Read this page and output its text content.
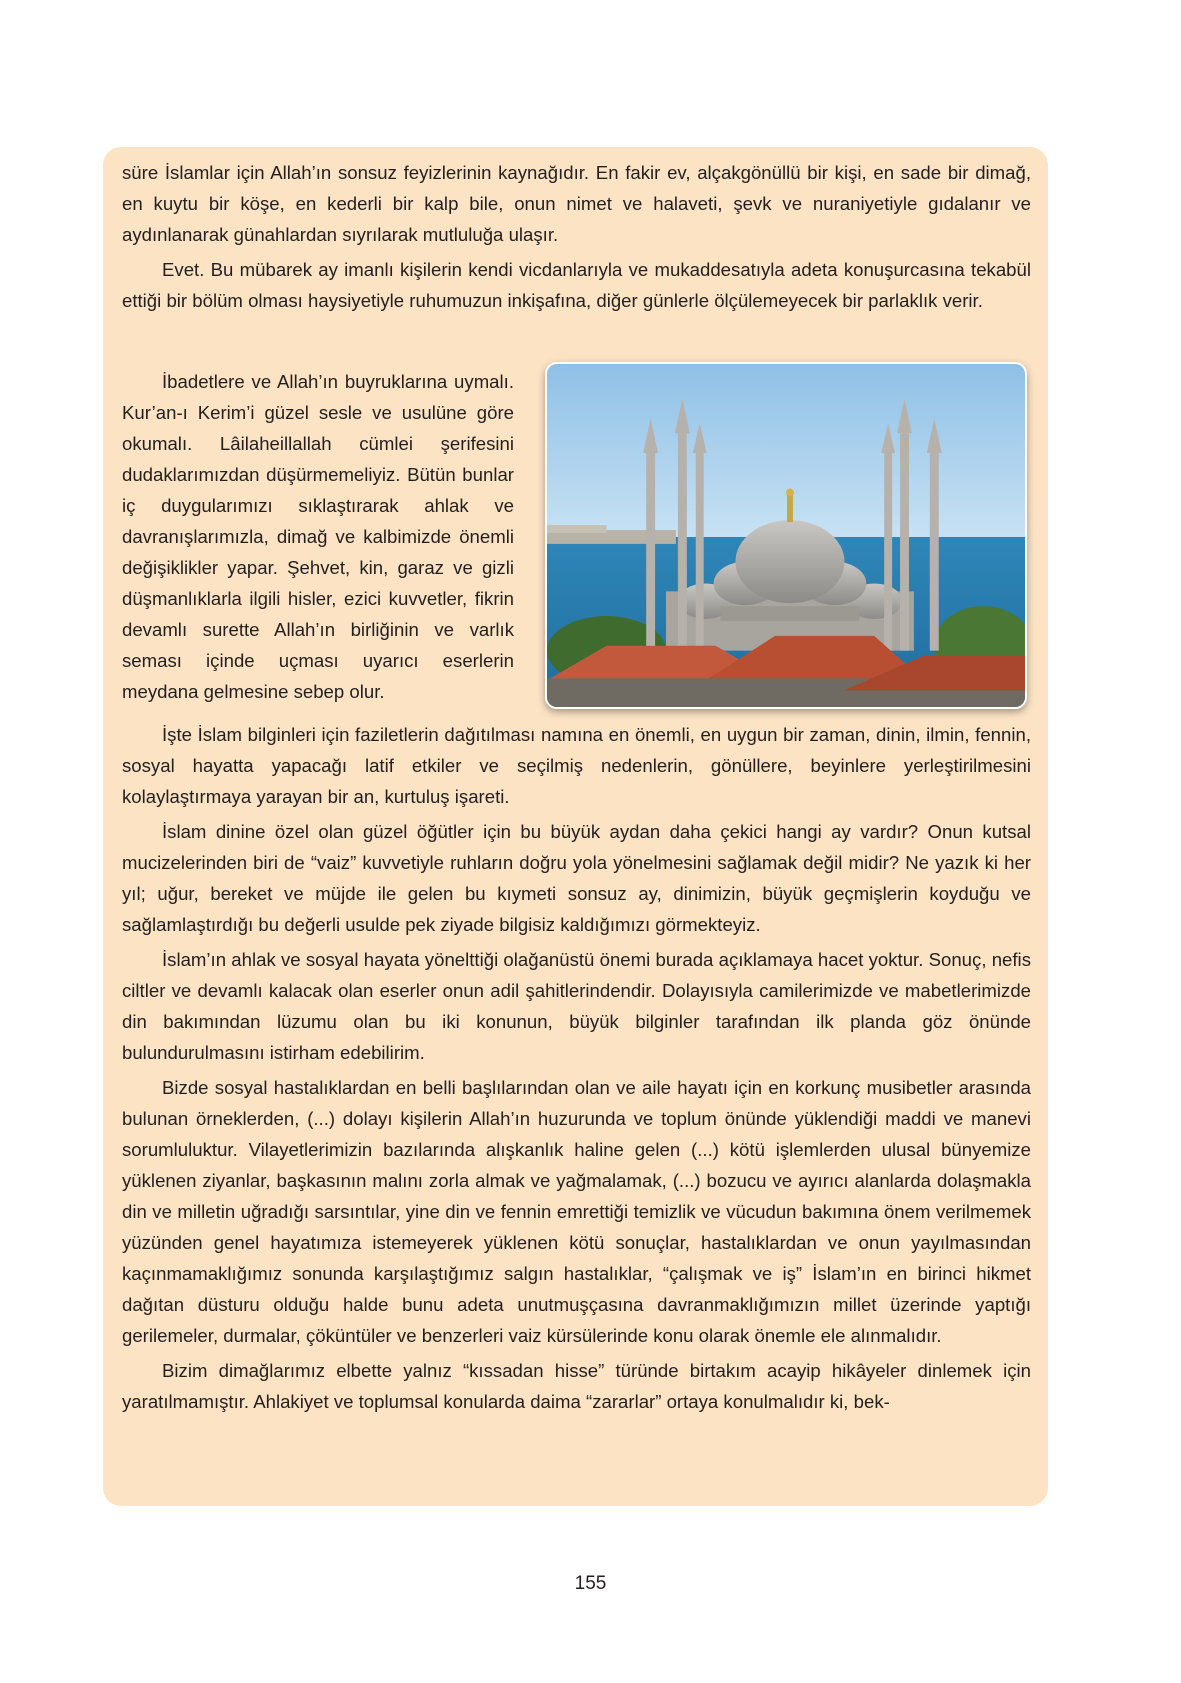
süre İslamlar için Allah’ın sonsuz feyizlerinin kaynağıdır. En fakir ev, alçakgönüllü bir kişi, en sade bir dimağ, en kuytu bir köşe, en kederli bir kalp bile, onun nimet ve halaveti, şevk ve nuraniyetiyle gıdalanır ve aydınlanarak günahlardan sıyrılarak mutluluğa ulaşır.

Evet. Bu mübarek ay imanlı kişilerin kendi vicdanlarıyla ve mukaddesatıyla adeta konuşurcasına tekabül ettiği bir bölüm olması haysiyetiyle ruhumuzun inkişafına, diğer günlerle ölçülemeyecek bir parlaklık verir.

İbadetlere ve Allah’ın buyruklarına uymalı. Kur’an-ı Kerim’i güzel sesle ve usulüne göre okumalı. Lâilaheillallah cümlei şerifesini dudaklarımızdan düşürmemeliyiz. Bütün bunlar iç duygularımızı sıklaştırarak ahlak ve davranışlarımızla, dimağ ve kalbimizde önemli değişiklikler yapar. Şehvet, kin, garaz ve gizli düşmanlıklarla ilgili hisler, ezici kuvvetler, fikrin devamlı surette Allah’ın birliğinin ve varlık seması içinde uçması uyarıcı eserlerin meydana gelmesine sebep olur.

İşte İslam bilginleri için faziletlerin dağıtılması namına en önemli, en uygun bir zaman, dinin, ilmin, fennin, sosyal hayatta yapacağı latif etkiler ve seçilmiş nedenlerin, gönüllere, beyinlere yerleştirilmesini kolaylaştırmaya yarayan bir an, kurtuluş işareti.

İslam dinine özel olan güzel öğütler için bu büyük aydan daha çekici hangi ay vardır? Onun kutsal mucizelerinden biri de “vaiz” kuvvetiyle ruhların doğru yola yönelmesini sağlamak değil midir? Ne yazık ki her yıl; uğur, bereket ve müjde ile gelen bu kıymeti sonsuz ay, dinimizin, büyük geçmişlerin koyduğu ve sağlamlaştırdığı bu değerli usulde pek ziyade bilgisiz kaldığımızı görmekteyiz.

İslam’ın ahlak ve sosyal hayata yönelttiği olağanüstü önemi burada açıklamaya hacet yoktur. Sonuç, nefis ciltler ve devamlı kalacak olan eserler onun adil şahitlerindendir. Dolayısıyla camilerimizde ve mabetlerimizde din bakımından lüzumu olan bu iki konunun, büyük bilginler tarafından ilk planda göz önünde bulundurulmasını istirham edebilirim.

Bizde sosyal hastalıklardan en belli başlılarından olan ve aile hayatı için en korkunç musibetler arasında bulunan örneklerden, (...) dolayı kişilerin Allah’ın huzurunda ve toplum önünde yüklendiği maddi ve manevi sorumluluktur. Vilayetlerimizin bazılarında alışkanlık haline gelen (...) kötü işlemlerden ulusal bünyemize yüklenen ziyanlar, başkasının malını zorla almak ve yağmalamak, (...) bozucu ve ayırıcı alanlarda dolaşmakla din ve milletin uğradığı sarsıntılar, yine din ve fennin emrettiği temizlik ve vücudun bakımına önem verilmemek yüzünden genel hayatımıza istemeyerek yüklenen kötü sonuçlar, hastalıklardan ve onun yayılmasından kaçınmamaklığımız sonunda karşılaştığımız salgın hastalıklar, “çalışmak ve iş” İslam’ın en birinci hikmet dağıtan düsturu olduğu halde bunu adeta unutmuşçasına davranmaklığımızın millet üzerinde yaptığı gerilemeler, durmalar, çöküntüler ve benzerleri vaiz kürsülerinde konu olarak önemle ele alınmalıdır.

Bizim dimağlarımız elbette yalnız “kıssadan hisse” türünde birtakım acayip hikâyeler dinlemek için yaratılmamıştır. Ahlakiyet ve toplumsal konularda daima “zararlar” ortaya konulmalıdır ki, bek-

155
